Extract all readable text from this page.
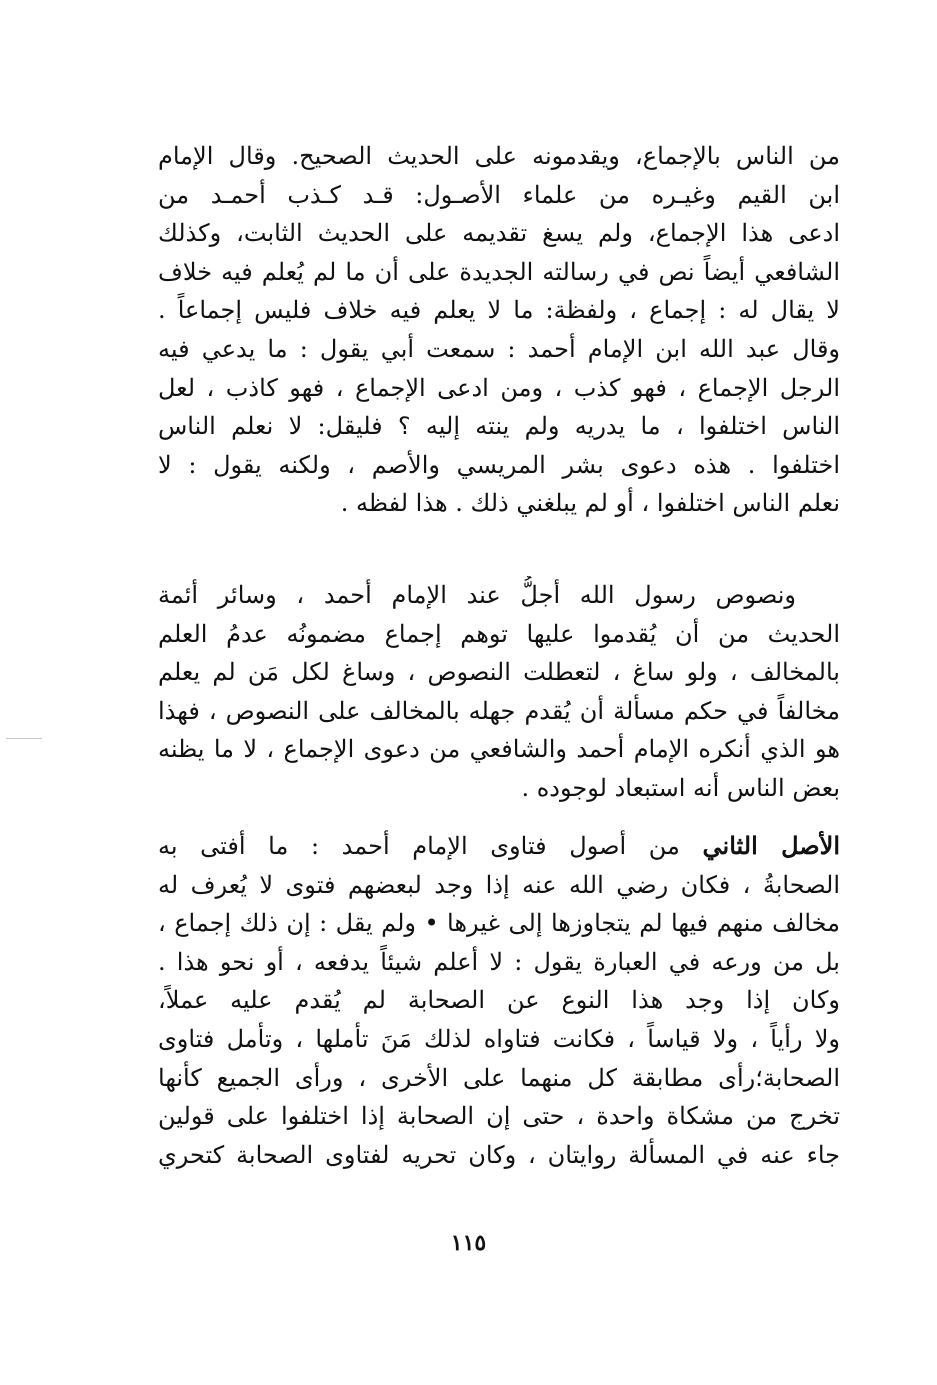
من الناس بالإجماع، ويقدمونه على الحديث الصحيح. وقال الإمام
ابن القيم وغيـره من علماء الأصـول: قـد كـذب أحمـد من
ادعى هذا الإجماع، ولم يسغ تقديمه على الحديث الثابت، وكذلك
الشافعي أيضاً نص في رسالته الجديدة على أن ما لم يُعلم فيه خلاف
لا يقال له : إجماع ، ولفظة: ما لا يعلم فيه خلاف فليس إجماعاً .
وقال عبد الله ابن الإمام أحمد : سمعت أبي يقول : ما يدعي فيه
الرجل الإجماع ، فهو كذب ، ومن ادعى الإجماع ، فهو كاذب ، لعل
الناس اختلفوا ، ما يدريه ولم ينته إليه ؟ فليقل: لا نعلم الناس
اختلفوا . هذه دعوى بشر المريسي والأصم ، ولكنه يقول : لا
نعلم الناس اختلفوا ، أو لم يبلغني ذلك . هذا لفظه .
ونصوص رسول الله أجلُّ عند الإمام أحمد ، وسائر أئمة
الحديث من أن يُقدموا عليها توهم إجماع مضمونُه عدمُ العلم
بالمخالف ، ولو ساغ ، لتعطلت النصوص ، وساغ لكل مَن لم يعلم
مخالفاً في حكم مسألة أن يُقدم جهله بالمخالف على النصوص ، فهذا
هو الذي أنكره الإمام أحمد والشافعي من دعوى الإجماع ، لا ما يظنه
بعض الناس أنه استبعاد لوجوده .
الأصل الثاني من أصول فتاوى الإمام أحمد : ما أفتى به
الصحابةُ ، فكان رضي الله عنه إذا وجد لبعضهم فتوى لا يُعرف له
مخالف منهم فيها لم يتجاوزها إلى غيرها • ولم يقل : إن ذلك إجماع ،
بل من ورعه في العبارة يقول : لا أعلم شيئاً يدفعه ، أو نحو هذا .
وكان إذا وجد هذا النوع عن الصحابة لم يُقدم عليه عملاً،
ولا رأياً ، ولا قياساً ، فكانت فتاواه لذلك مَنَ تأملها ، وتأمل فتاوى
الصحابة؛رأى مطابقة كل منهما على الأخرى ، ورأى الجميع كأنها
تخرج من مشكاة واحدة ، حتى إن الصحابة إذا اختلفوا على قولين
جاء عنه في المسألة روايتان ، وكان تحريه لفتاوى الصحابة كتحري
١١٥
